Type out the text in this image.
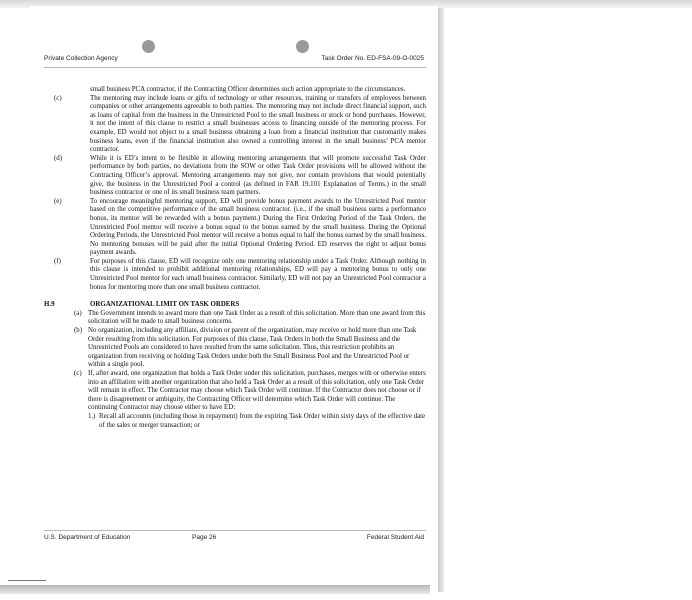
Private Collection Agency	Task Order No. ED-FSA-09-O-0025
small business PCA contractor, if the Contracting Officer determines such action appropriate to the circumstances.
(c)	The mentoring may include loans or gifts of technology or other resources, training or transfers of employees between companies or other arrangements agreeable to both parties. The mentoring may not include direct financial support, such as loans of capital from the business in the Unrestricted Pool to the small business or stock or bond purchases. However, it not the intent of this clause to restrict a small businesses access to financing outside of the mentoring process. For example, ED would not object to a small business obtaining a loan from a financial institution that customarily makes business loans, even if the financial institution also owned a controlling interest in the small business’ PCA mentor contractor.
(d)	While it is ED’s intent to be flexible in allowing mentoring arrangements that will promote successful Task Order performance by both parties, no deviations from the SOW or other Task Order provisions will be allowed without the Contracting Officer’s approval. Mentoring arrangements may not give, nor contain provisions that would potentially give, the business in the Unrestricted Pool a control (as defined in FAR 19.101 Explanation of Terms.) in the small business contractor or one of its small business team partners.
(e)	To encourage meaningful mentoring support, ED will provide bonus payment awards to the Unrestricted Pool mentor based on the competitive performance of the small business contractor. (i.e., if the small business earns a performance bonus, its mentor will be rewarded with a bonus payment.) During the First Ordering Period of the Task Orders, the Unrestricted Pool mentor will receive a bonus equal to the bonus earned by the small business. During the Optional Ordering Periods, the Unrestricted Pool mentor will receive a bonus equal to half the bonus earned by the small business. No mentoring bonuses will be paid after the initial Optional Ordering Period. ED reserves the right to adjust bonus payment awards.
(f)	For purposes of this clause, ED will recognize only one mentoring relationship under a Task Order. Although nothing in this clause is intended to prohibit additional mentoring relationships, ED will pay a mentoring bonus to only one Unrestricted Pool mentor for each small business contractor. Similarly, ED will not pay an Unrestricted Pool contractor a bonus for mentoring more than one small business contractor.
H.9	ORGANIZATIONAL LIMIT ON TASK ORDERS
(a) The Government intends to award more than one Task Order as a result of this solicitation. More than one award from this solicitation will be made to small business concerns.
(b) No organization, including any affiliate, division or parent of the organization, may receive or hold more than one Task Order resulting from this solicitation. For purposes of this clause, Task Orders in both the Small Business and the Unrestricted Pools are considered to have resulted from the same solicitation. Thus, this restriction prohibits an organization from receiving or holding Task Orders under both the Small Business Pool and the Unrestricted Pool or within a single pool.
(c) If, after award, one organization that holds a Task Order under this solicitation, purchases, merges with or otherwise enters into an affiliation with another organization that also held a Task Order as a result of this solicitation, only one Task Order will remain in effect. The Contractor may choose which Task Order will continue. If the Contractor does not choose or if there is disagreement or ambiguity, the Contracting Officer will determine which Task Order will continue. The continuing Contractor may choose either to have ED:
1.) Recall all accounts (including those in repayment) from the expiring Task Order within sixty days of the effective date of the sales or merger transaction; or
U.S. Department of Education	Page 26	Federal Student Aid
